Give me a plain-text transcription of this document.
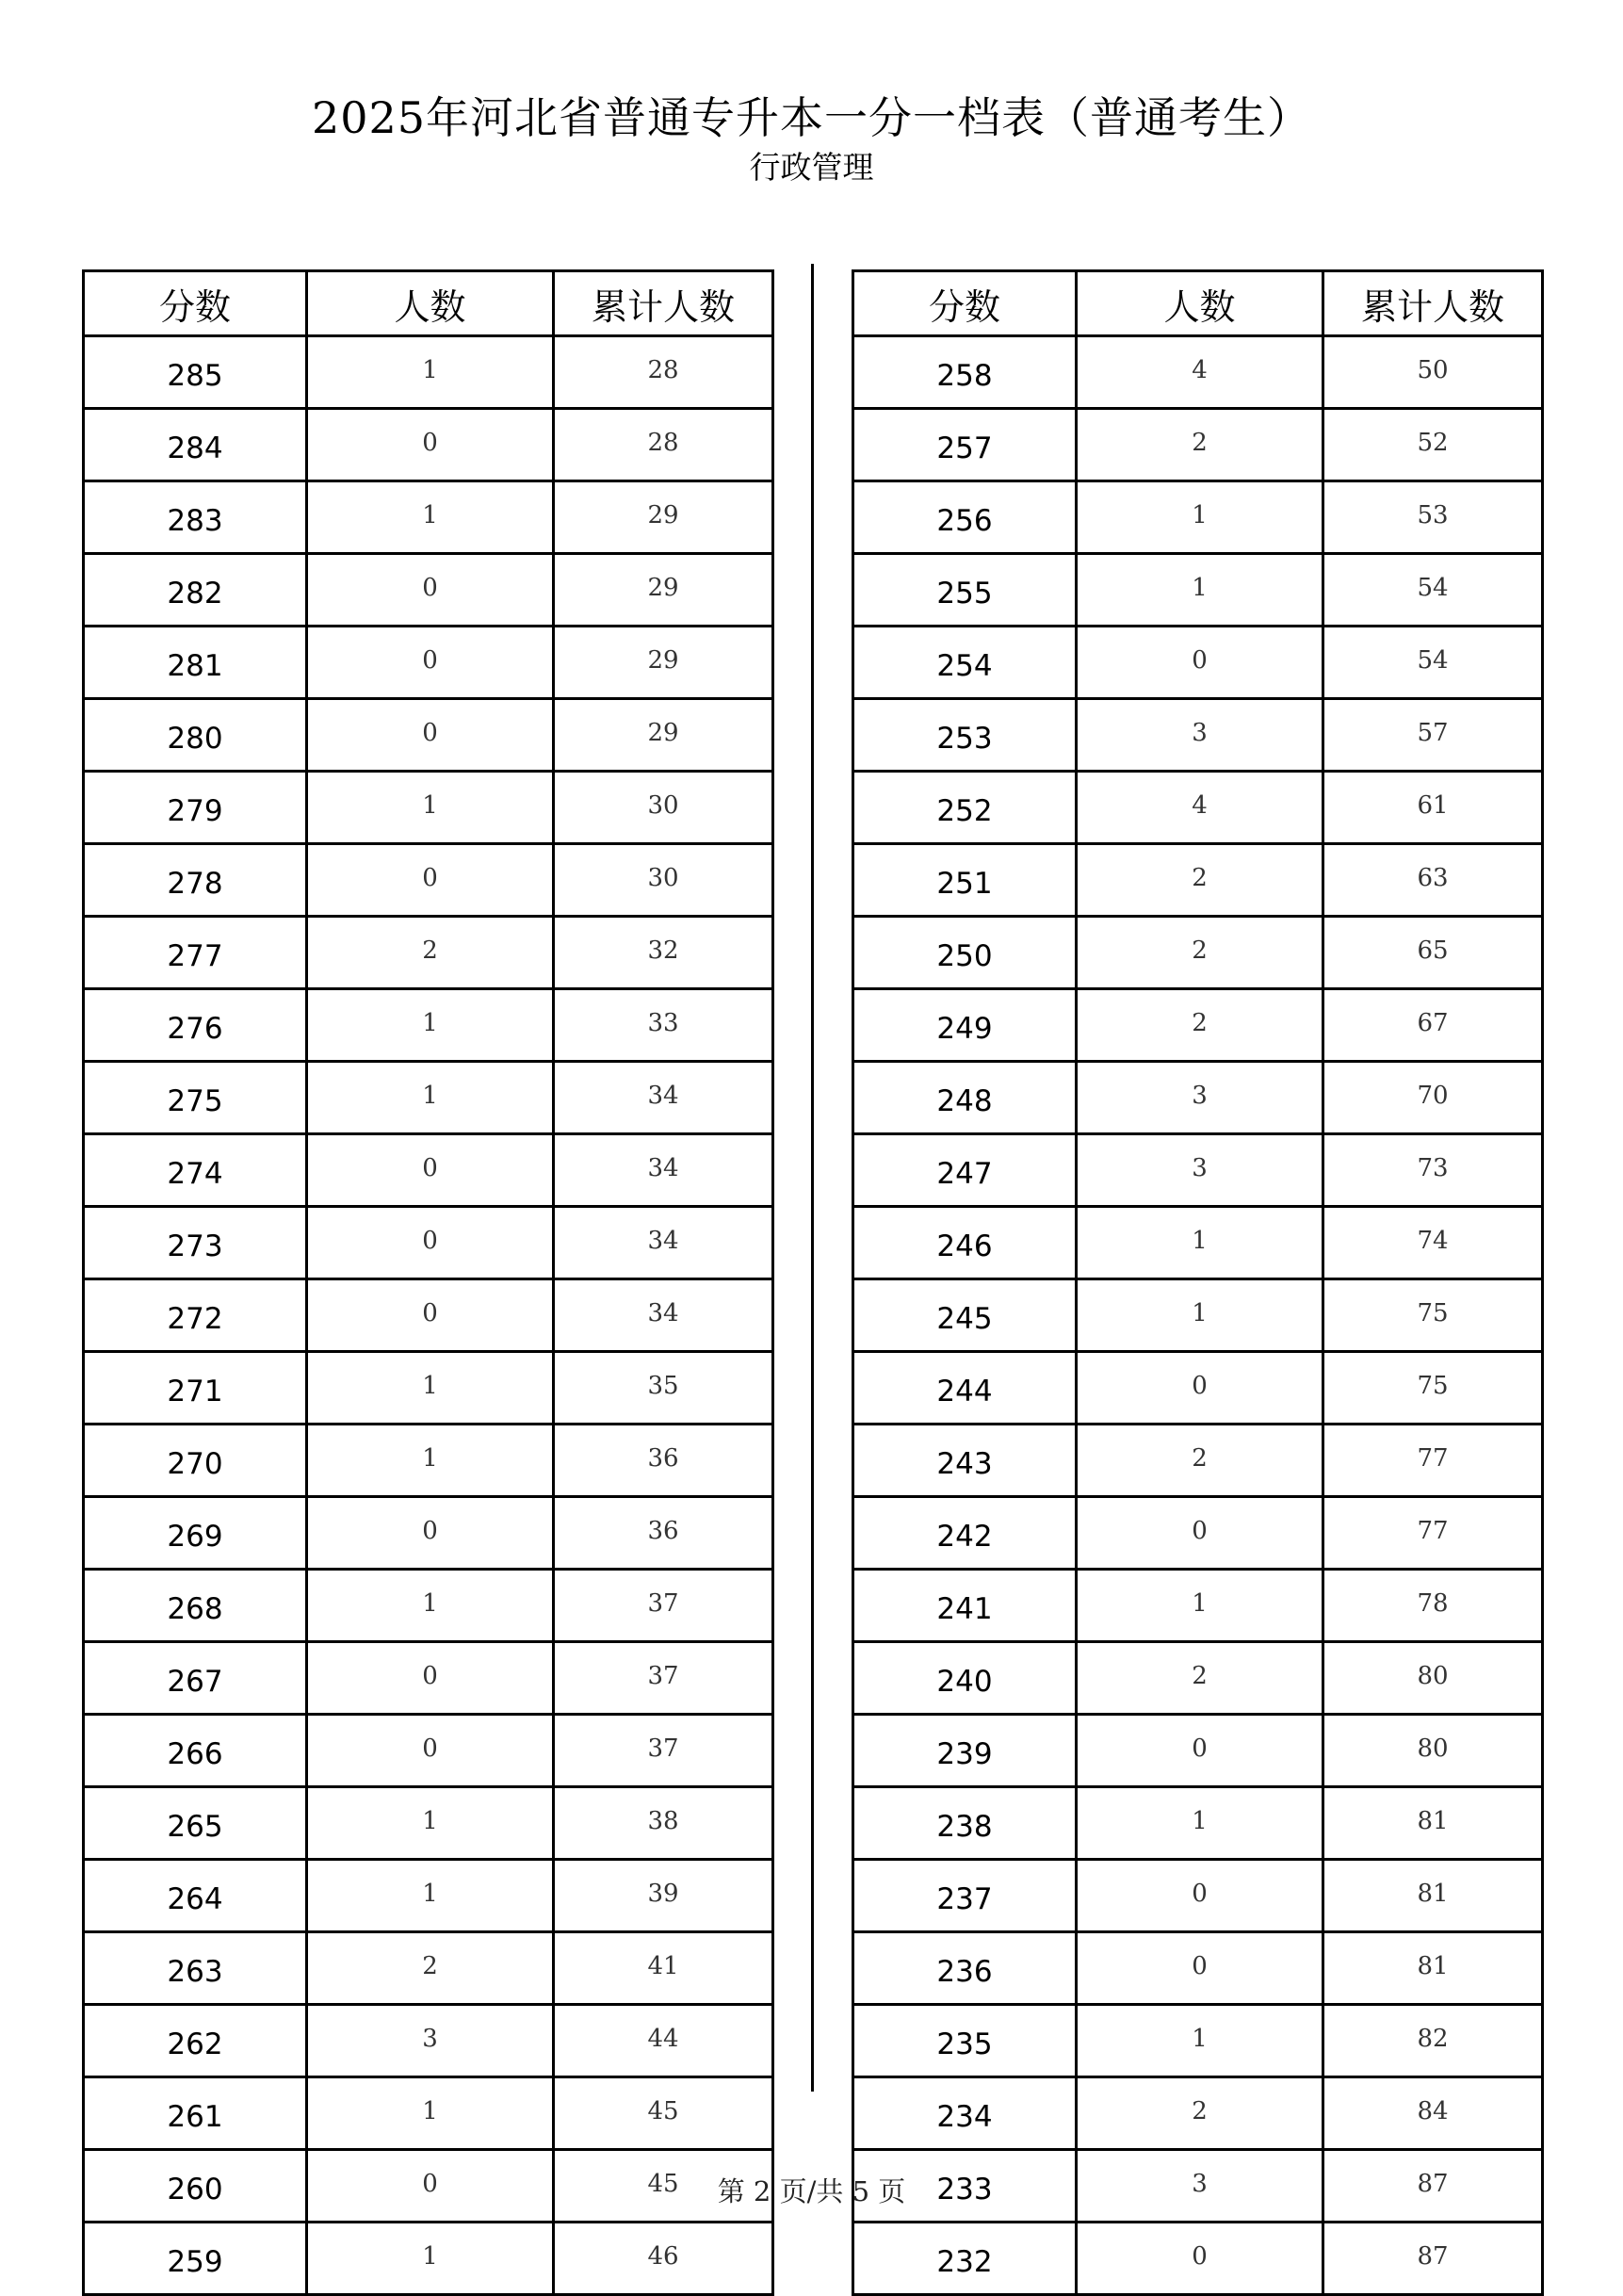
2025年河北省普通专升本一分一档表（普通考生）
行政管理
分数	人数	累计人数
285	1	28
284	0	28
283	1	29
282	0	29
281	0	29
280	0	29
279	1	30
278	0	30
277	2	32
276	1	33
275	1	34
274	0	34
273	0	34
272	0	34
271	1	35
270	1	36
269	0	36
268	1	37
267	0	37
266	0	37
265	1	38
264	1	39
263	2	41
262	3	44
261	1	45
260	0	45
259	1	46
分数	人数	累计人数
258	4	50
257	2	52
256	1	53
255	1	54
254	0	54
253	3	57
252	4	61
251	2	63
250	2	65
249	2	67
248	3	70
247	3	73
246	1	74
245	1	75
244	0	75
243	2	77
242	0	77
241	1	78
240	2	80
239	0	80
238	1	81
237	0	81
236	0	81
235	1	82
234	2	84
233	3	87
232	0	87
第 2 页/共 5 页
